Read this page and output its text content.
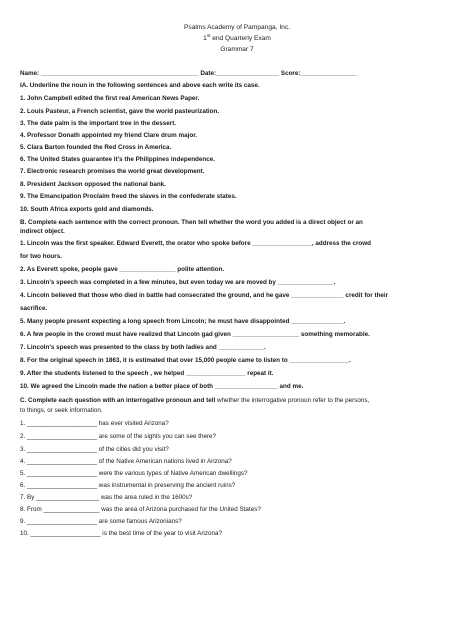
Psalms Academy of Pampanga, Inc.
1st end Quarterly Exam
Grammar 7
Name: _____________________________________________ Date:__________________ Score:________________
IA. Underline the noun in the following sentences and above each write its case.
1. John Campbell edited the first real American News Paper.
2. Louis Pasteur, a French scientist, gave the world pasteurization.
3. The date palm is the important tree in the dessert.
4. Professor Donath appointed my friend Clare drum major.
5. Clara Barton founded the Red Cross in America.
6. The United States guarantee it's the Philippines independence.
7. Electronic research promises the world great development.
8. President Jackson opposed the national bank.
9. The Emancipation Proclaim freed the slaves in the confederate states.
10. South Africa exports gold and diamonds.
B. Complete each sentence with the correct pronoun. Then tell whether the word you added is a direct object or an
indirect object.
1. Lincoln was the first speaker. Edward Everett, the orator who spoke before _________________, address the crowd
for two hours.
2. As Everett spoke, people gave ________________ polite attention.
3. Lincoln's speech was completed in a few minutes, but even today we are moved by ________________.
4. Lincoln believed that those who died in battle had consecrated the ground, and he gave _______________ credit for their
sacrifice.
5. Many people present expecting a long speech from Lincoln; he must have disappointed _______________.
6. A few people in the crowd must have realized that Lincoln gad given ___________________ something memorable.
7. Lincoln's speech was presented to the class by both ladies and _____________.
8. For the original speech in 1863, it is estimated that over 15,000 people came to listen to _________________.
9. After the students listened to the speech , we helped _________________ repeat it.
10. We agreed the Lincoln made the nation a better place of both __________________ and me.
C. Complete each question with an interrogative pronoun and tell whether the interrogative pronoun refer to the persons,
to things, or seek information.
1. ____________________ has ever visited Arizona?
2. ____________________ are some of the sights you can see there?
3. ____________________ of the cities did you visit?
4. ____________________ of the Native American nations lived in Arizona?
5. ____________________ were the various types of Native American dwellings?
6. ____________________ was instrumental in preserving the ancient ruins?
7. By __________________ was the area ruled in the 1600s?
8. From ________________ was the area of Arizona purchased for the United States?
9. ____________________ are some famous Arizonians?
10. ____________________ is the best time of the year to visit Arizona?
